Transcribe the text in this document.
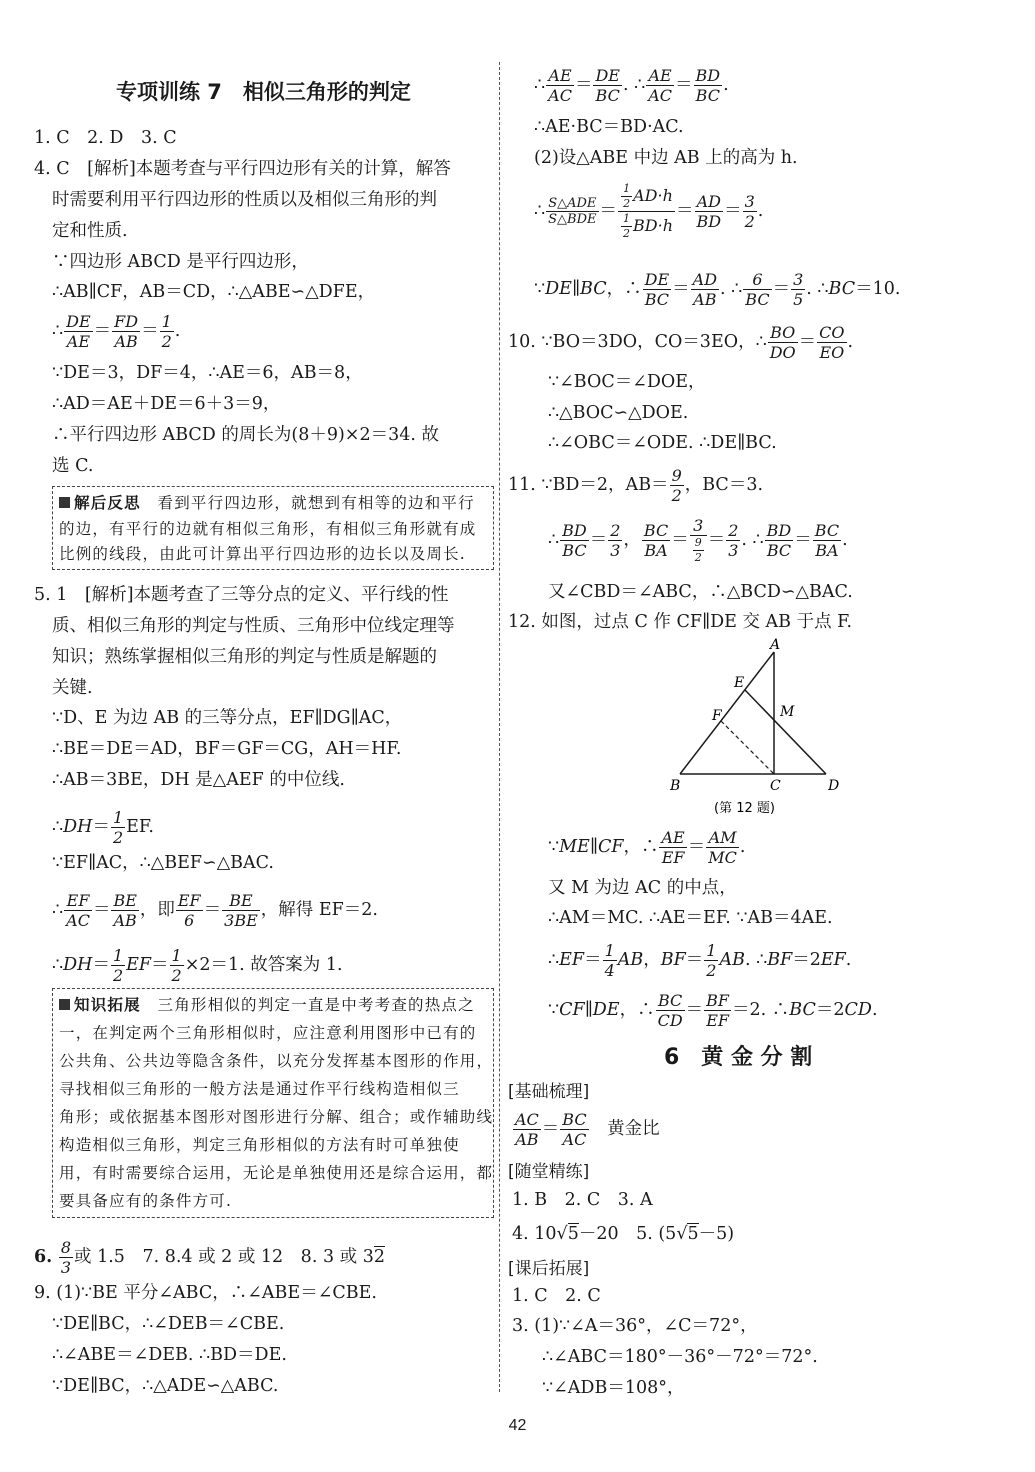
专项训练 7　相似三角形的判定
1. C　2. D　3. C
4. C　[解析]本题考查与平行四边形有关的计算，解答
时需要利用平行四边形的性质以及相似三角形的判
定和性质.
∵四边形 ABCD 是平行四边形，
∴AB∥CF，AB＝CD，∴△ABE∽△DFE，
∴ $\frac{DE}{AE} = \frac{FD}{AB} = \frac{1}{2}$ .
∵DE＝3，DF＝4，∴AE＝6，AB＝8，
∴AD＝AE＋DE＝6＋3＝9，
∴平行四边形 ABCD 的周长为(8＋9)×2＝34. 故
选 C.
解后反思　 看到平行四边形，就想到有相等的边和平行
的边，有平行的边就有相似三角形，有相似三角形就有成
比例的线段，由此可计算出平行四边形的边长以及周长.
5. 1　[解析]本题考查了三等分点的定义、平行线的性
质、相似三角形的判定与性质、三角形中位线定理等
知识；熟练掌握相似三角形的判定与性质是解题的
关键.
∵D、E 为边 AB 的三等分点，EF∥DG∥AC，
∴BE＝DE＝AD，BF＝GF＝CG，AH＝HF.
∴AB＝3BE，DH 是△AEF 的中位线.
∴DH＝ $\frac{1}{2}$ EF.
∵EF∥AC，∴△BEF∽△BAC.
∴ $\frac{EF}{AC} = \frac{BE}{AB}$ ，即 $\frac{EF}{6} = \frac{BE}{3BE}$ ，解得 EF＝2.
∴DH＝ $\frac{1}{2} EF= \frac{1}{2} \times 2=1$. 故答案为 1.
知识拓展　 三角形相似的判定一直是中考考查的热点之
一，在判定两个三角形相似时，应注意利用图形中已有的
公共角、公共边等隐含条件，以充分发挥基本图形的作用，
寻找相似三角形的一般方法是通过作平行线构造相似三
角形；或依据基本图形对图形进行分解、组合；或作辅助线
构造相似三角形，判定三角形相似的方法有时可单独使
用，有时需要综合运用，无论是单独使用还是综合运用，都
要具备应有的条件方可.
6. $\frac{8}{3}$ 或 1.5　7. 8.4 或 2 或 12　8. 3 或 32
9. (1)∵BE 平分∠ABC，∴∠ABE＝∠CBE.
∵DE∥BC，∴∠DEB＝∠CBE.
∴∠ABE＝∠DEB. ∴BD＝DE.
∵DE∥BC，∴△ADE∽△ABC.
∴ $\frac{AE}{AC} = \frac{DE}{BC}$ . ∴ $\frac{AE}{AC} = \frac{BD}{BC}$ .
∴AE·BC＝BD·AC.
(2)设△ABE 中边 AB 上的高为 h.
∴ $\frac{\text{S△ADE}}{\text{S△BDE}} = \frac{\frac{1}{2} AD\cdot h}{\frac{1}{2} BD\cdot h} = \frac{AD}{BD} = \frac{3}{2}$ .
∵DE∥BC，∴ $\frac{DE}{BC} = \frac{AD}{AB}$ . ∴ $\frac{6}{BC} = \frac{3}{5}$ . ∴BC＝10.
10. ∵BO＝3DO，CO＝3EO，∴ $\frac{BO}{DO} = \frac{CO}{EO}$ .
∵∠BOC＝∠DOE，
∴△BOC∽△DOE.
∴∠OBC＝∠ODE. ∴DE∥BC.
11. ∵BD＝2，$AB= \frac{9}{2}$ ，BC＝3.
∴ $\frac{BD}{BC} = \frac{2}{3}$ ， $\frac{BC}{BA} = \frac{3}{\frac{9}{2}} = \frac{2}{3}$ . ∴ $\frac{BD}{BC} = \frac{BC}{BA}$ .
又∠CBD＝∠ABC，∴△BCD∽△BAC.
12. 如图，过点 C 作 CF∥DE 交 AB 于点 F.
A
E
F	M
B	C	D
(第 12 题)
∵ME∥CF，∴ $\frac{AE}{EF} = \frac{AM}{MC}$ .
又 M 为边 AC 的中点，
∴AM＝MC. ∴AE＝EF. ∵AB＝4AE.
∴EF＝ $\frac{1}{4}$ AB，$BF= \frac{1}{2}$ AB. ∴BF＝2EF.
∵CF∥DE，∴ $\frac{BC}{CD} = \frac{BF}{EF} =2$. ∴BC＝2CD.
6　黄 金 分 割
[基础梳理]
$\frac{AC}{AB} = \frac{BC}{AC}$
　 黄金比
[随堂精练]
1. B　2. C　3. A
4. 10√5－20　5. (5√5－5)
[课后拓展]
1. C　2. C
3. (1)∵∠A＝36°，∠C＝72°，
∴∠ABC＝180°－36°－72°＝72°.
∵∠ADB＝108°，
42
